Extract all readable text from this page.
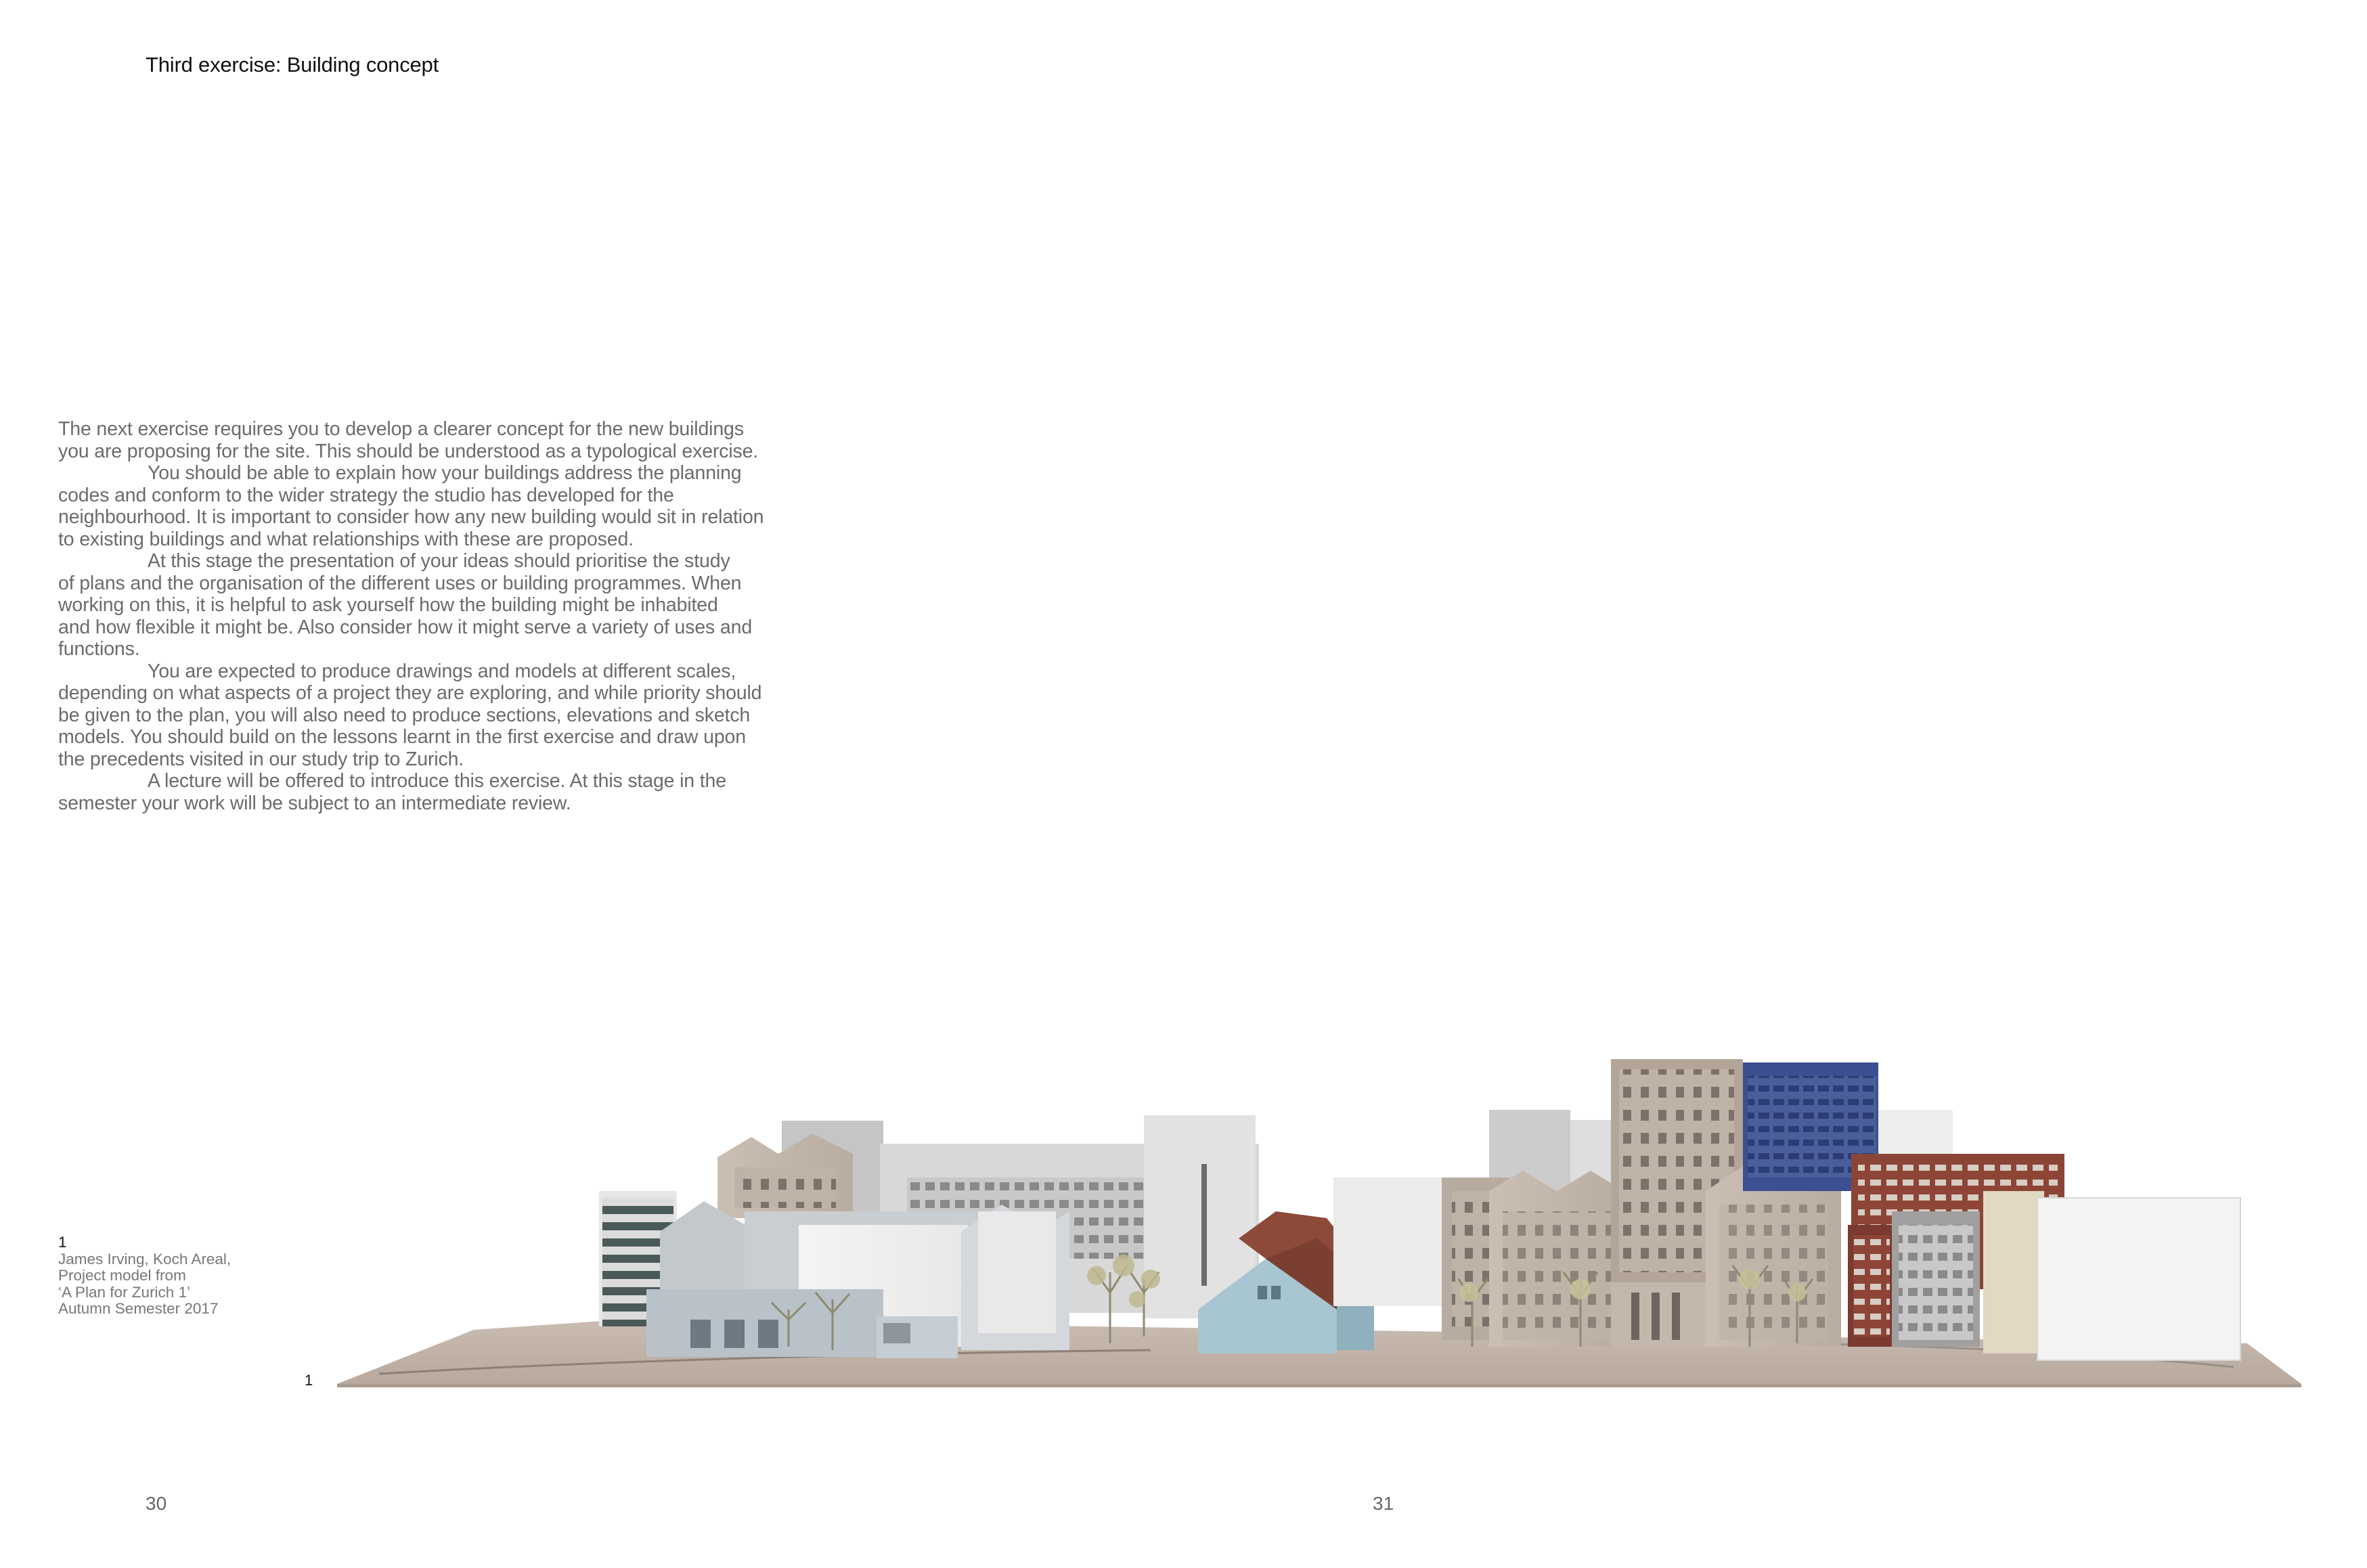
Third exercise: Building concept
The next exercise requires you to develop a clearer concept for the new buildings
you are proposing for the site. This should be understood as a typological exercise.
You should be able to explain how your buildings address the planning
codes and conform to the wider strategy the studio has developed for the
neighbourhood. It is important to consider how any new building would sit in relation
to existing buildings and what relationships with these are proposed.
At this stage the presentation of your ideas should prioritise the study
of plans and the organisation of the different uses or building programmes. When
working on this, it is helpful to ask yourself how the building might be inhabited
and how flexible it might be. Also consider how it might serve a variety of uses and
functions.
You are expected to produce drawings and models at different scales,
depending on what aspects of a project they are exploring, and while priority should
be given to the plan, you will also need to produce sections, elevations and sketch
models. You should build on the lessons learnt in the first exercise and draw upon
the precedents visited in our study trip to Zurich.
A lecture will be offered to introduce this exercise. At this stage in the
semester your work will be subject to an intermediate review.
1
James Irving, Koch Areal,
Project model from
‘A Plan for Zurich 1’
Autumn Semester 2017
1
30	31
